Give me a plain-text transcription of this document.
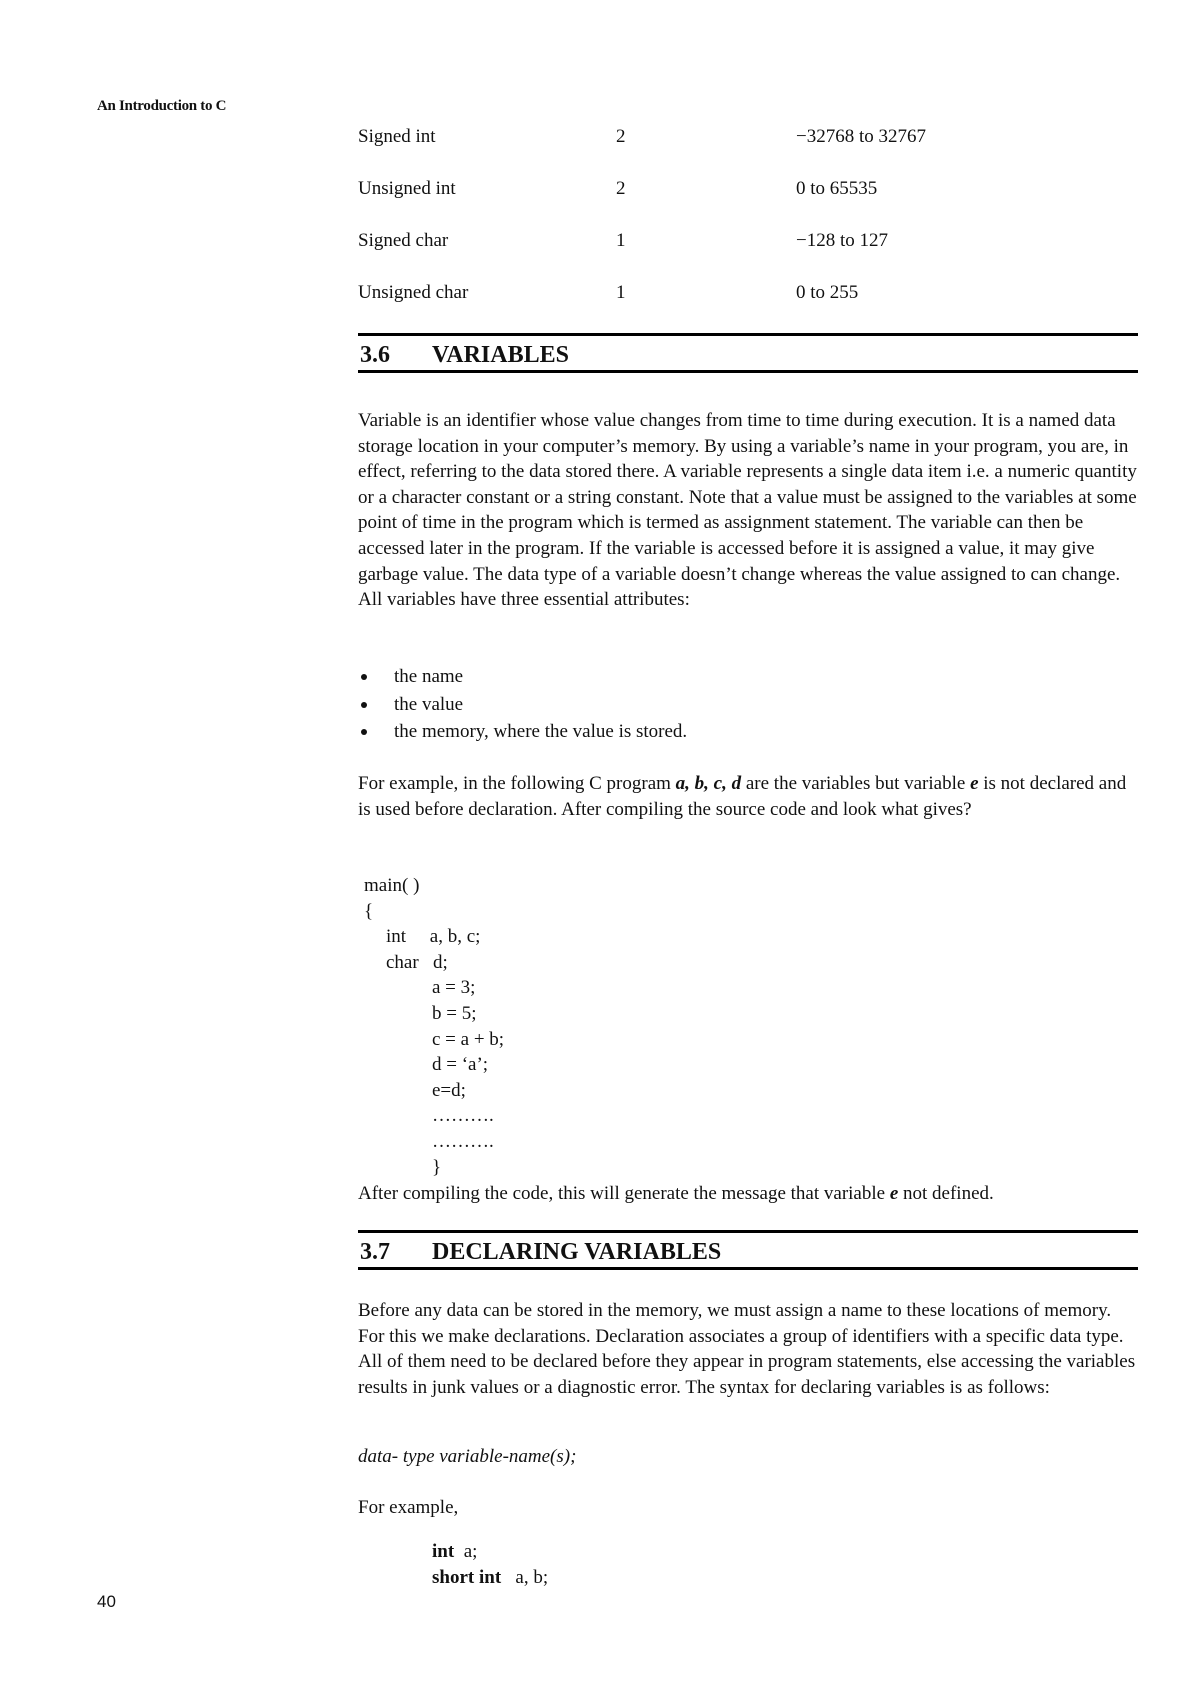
An Introduction to C
Signed int	2	−32768 to 32767
Unsigned int	2	0 to 65535
Signed char	1	−128 to 127
Unsigned char	1	0 to 255
3.6 VARIABLES

Variable is an identifier whose value changes from time to time during execution. It is a named data storage location in your computer’s memory. By using a variable’s name in your program, you are, in effect, referring to the data stored there. A variable represents a single data item i.e. a numeric quantity or a character constant or a string constant. Note that a value must be assigned to the variables at some point of time in the program which is termed as assignment statement. The variable can then be accessed later in the program. If the variable is accessed before it is assigned a value, it may give garbage value. The data type of a variable doesn’t change whereas the value assigned to can change. All variables have three essential attributes:

the name
the value
the memory, where the value is stored.

For example, in the following C program a, b, c, d are the variables but variable e is not declared and is used before declaration. After compiling the source code and look what gives?

main( )
{
int     a, b, c;
char   d;
a = 3;
b = 5;
c = a + b;
d = ‘a’;
e=d;
……….
……….
}

After compiling the code, this will generate the message that variable e not defined.

3.7 DECLARING VARIABLES

Before any data can be stored in the memory, we must assign a name to these locations of memory. For this we make declarations. Declaration associates a group of identifiers with a specific data type. All of them need to be declared before they appear in program statements, else accessing the variables results in junk values or a diagnostic error. The syntax for declaring variables is as follows:

data- type variable-name(s);

For example,

int  a;
short int   a, b;
40
